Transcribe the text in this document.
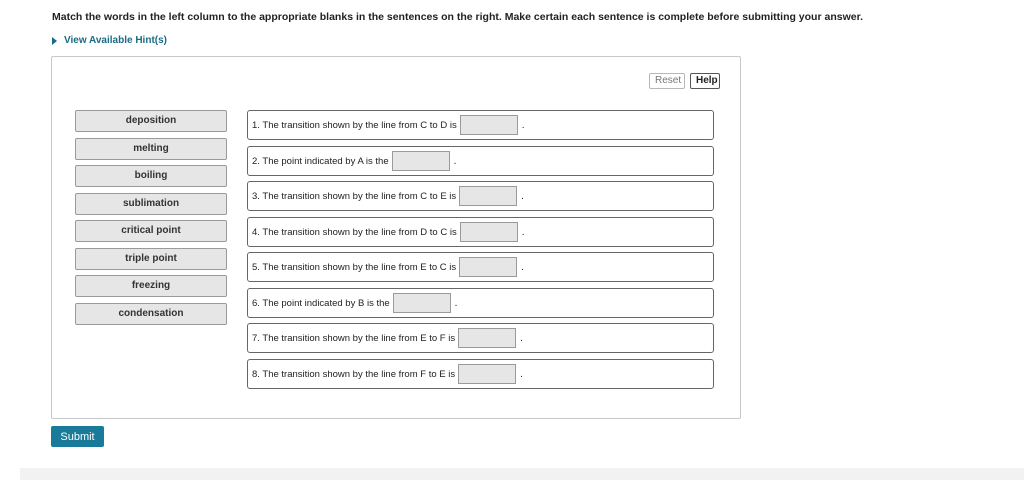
Match the words in the left column to the appropriate blanks in the sentences on the right. Make certain each sentence is complete before submitting your answer.
View Available Hint(s)
Reset	Help
deposition
melting
boiling
sublimation
critical point
triple point
freezing
condensation
1. The transition shown by the line from C to D is	.
2. The point indicated by A is the	.
3. The transition shown by the line from C to E is	.
4. The transition shown by the line from D to C is	.
5. The transition shown by the line from E to C is	.
6. The point indicated by B is the	.
7. The transition shown by the line from E to F is	.
8. The transition shown by the line from F to E is	.
Submit
